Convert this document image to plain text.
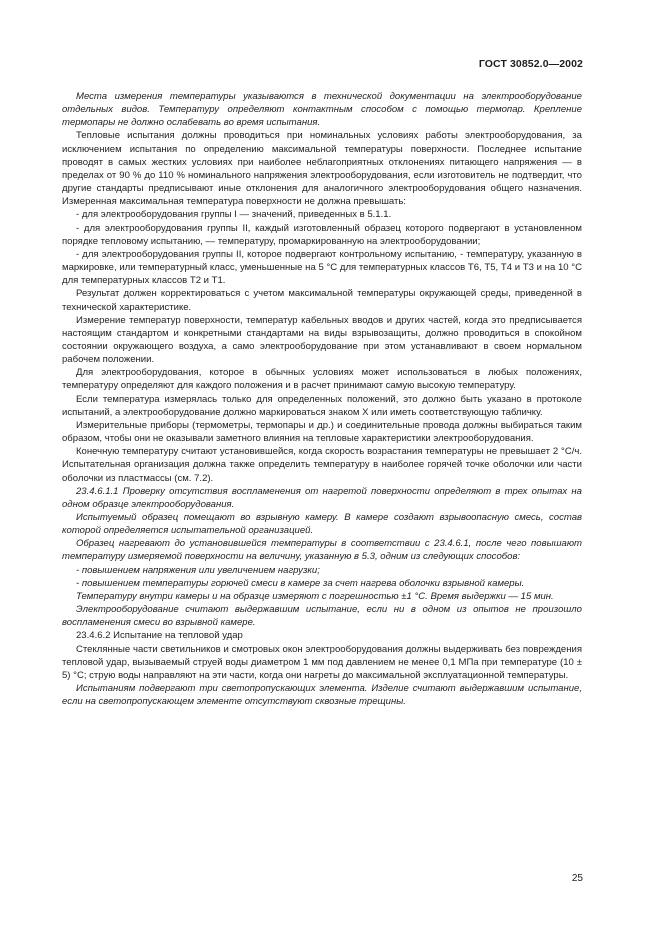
ГОСТ 30852.0—2002

Места измерения температуры указываются в технической документации на электрооборудование отдельных видов. Температуру определяют контактным способом с помощью термопар. Крепление термопары не должно ослабевать во время испытания.

Тепловые испытания должны проводиться при номинальных условиях работы электрооборудования, за исключением испытания по определению максимальной температуры поверхности. Последнее испытание проводят в самых жестких условиях при наиболее неблагоприятных отклонениях питающего напряжения — в пределах от 90 % до 110 % номинального напряжения электрооборудования, если изготовитель не подтвердит, что другие стандарты предписывают иные отклонения для аналогичного электрооборудования общего назначения. Измеренная максимальная температура поверхности не должна превышать:

- для электрооборудования группы I — значений, приведенных в 5.1.1.

- для электрооборудования группы II, каждый изготовленный образец которого подвергают в установленном порядке тепловому испытанию, — температуру, промаркированную на электрооборудовании;

- для электрооборудования группы II, которое подвергают контрольному испытанию, - температуру, указанную в маркировке, или температурный класс, уменьшенные на 5 °С для температурных классов Т6, Т5, Т4 и Т3 и на 10 °С для температурных классов Т2 и Т1.

Результат должен корректироваться с учетом максимальной температуры окружающей среды, приведенной в технической характеристике.

Измерение температур поверхности, температур кабельных вводов и других частей, когда это предписывается настоящим стандартом и конкретными стандартами на виды взрывозащиты, должно проводиться в спокойном состоянии окружающего воздуха, а само электрооборудование при этом устанавливают в своем нормальном рабочем положении.

Для электрооборудования, которое в обычных условиях может использоваться в любых положениях, температуру определяют для каждого положения и в расчет принимают самую высокую температуру.

Если температура измерялась только для определенных положений, это должно быть указано в протоколе испытаний, а электрооборудование должно маркироваться знаком X или иметь соответствующую табличку.

Измерительные приборы (термометры, термопары и др.) и соединительные провода должны выбираться таким образом, чтобы они не оказывали заметного влияния на тепловые характеристики электрооборудования.

Конечную температуру считают установившейся, когда скорость возрастания температуры не превышает 2 °С/ч. Испытательная организация должна также определить температуру в наиболее горячей точке оболочки или части оболочки из пластмассы (см. 7.2).

23.4.6.1.1 Проверку отсутствия воспламенения от нагретой поверхности определяют в трех опытах на одном образце электрооборудования.

Испытуемый образец помещают во взрывную камеру. В камере создают взрывоопасную смесь, состав которой определяется испытательной организацией.

Образец нагревают до установившейся температуры в соответствии с 23.4.6.1, после чего повышают температуру измеряемой поверхности на величину, указанную в 5.3, одним из следующих способов:

- повышением напряжения или увеличением нагрузки;

- повышением температуры горючей смеси в камере за счет нагрева оболочки взрывной камеры.

Температуру внутри камеры и на образце измеряют с погрешностью ±1 °С. Время выдержки — 15 мин.

Электрооборудование считают выдержавшим испытание, если ни в одном из опытов не произошло воспламенения смеси во взрывной камере.

23.4.6.2 Испытание на тепловой удар

Стеклянные части светильников и смотровых окон электрооборудования должны выдерживать без повреждения тепловой удар, вызываемый струей воды диаметром 1 мм под давлением не менее 0,1 МПа при температуре (10 ± 5) °С; струю воды направляют на эти части, когда они нагреты до максимальной эксплуатационной температуры.

Испытаниям подвергают три светопропускающих элемента. Изделие считают выдержавшим испытание, если на светопропускающем элементе отсутствуют сквозные трещины.

25
